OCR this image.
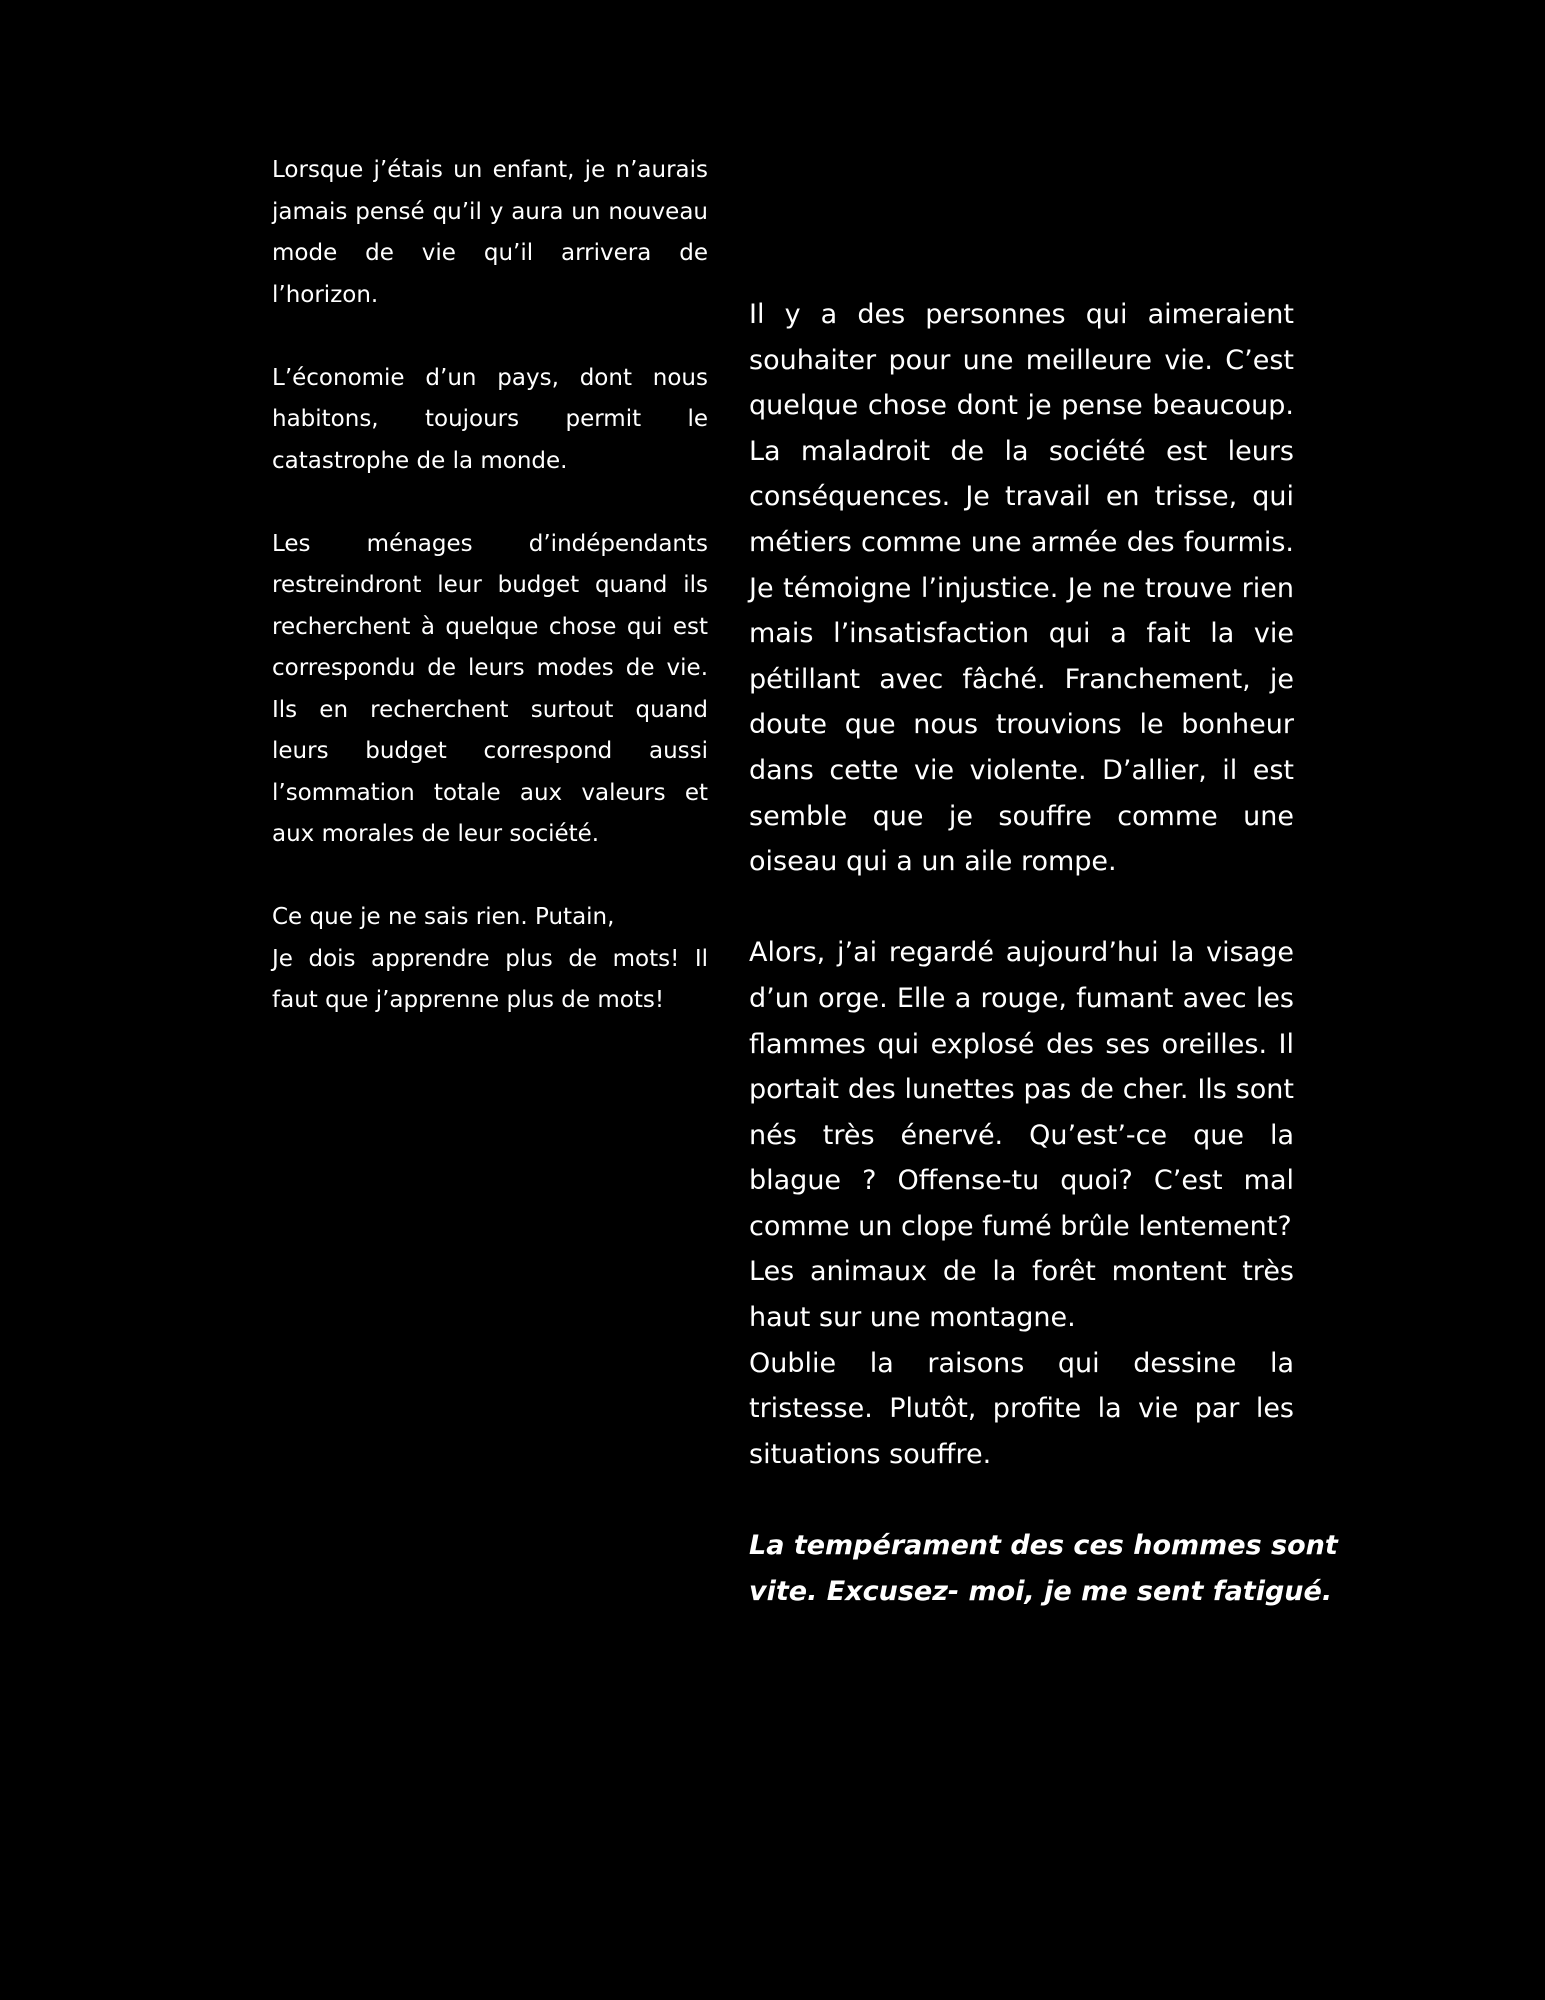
Lorsque j’étais un enfant, je n’aurais jamais pensé qu’il y aura un nouveau mode de vie qu’il arrivera de l’horizon.

L’économie d’un pays, dont nous habitons, toujours permit le catastrophe de la monde.

Les ménages d’indépendants restreindront leur budget quand ils recherchent à quelque chose qui est correspondu de leurs modes de vie. Ils en recherchent surtout quand leurs budget correspond aussi l’sommation totale aux valeurs et aux morales de leur société.

Ce que je ne sais rien. Putain,
Je dois apprendre plus de mots! Il faut que j’apprenne plus de mots!

Il y a des personnes qui aimeraient souhaiter pour une meilleure vie. C’est quelque chose dont je pense beaucoup. La maladroit de la société est leurs conséquences. Je travail en trisse, qui métiers comme une armée des fourmis. Je témoigne l’injustice. Je ne trouve rien mais l’insatisfaction qui a fait la vie pétillant avec fâché. Franchement, je doute que nous trouvions le bonheur dans cette vie violente. D’allier, il est semble que je souffre comme une oiseau qui a un aile rompe.

Alors, j’ai regardé aujourd’hui la visage d’un orge. Elle a rouge, fumant avec les flammes qui explosé des ses oreilles. Il portait des lunettes pas de cher. Ils sont nés très énervé. Qu’est’-ce que la blague ? Offense-tu quoi? C’est mal comme un clope fumé brûle lentement?
Les animaux de la forêt montent très haut sur une montagne.
Oublie la raisons qui dessine la tristesse. Plutôt, profite la vie par les situations souffre.

La tempérament des ces hommes sont vite. Excusez- moi, je me sent fatigué.
